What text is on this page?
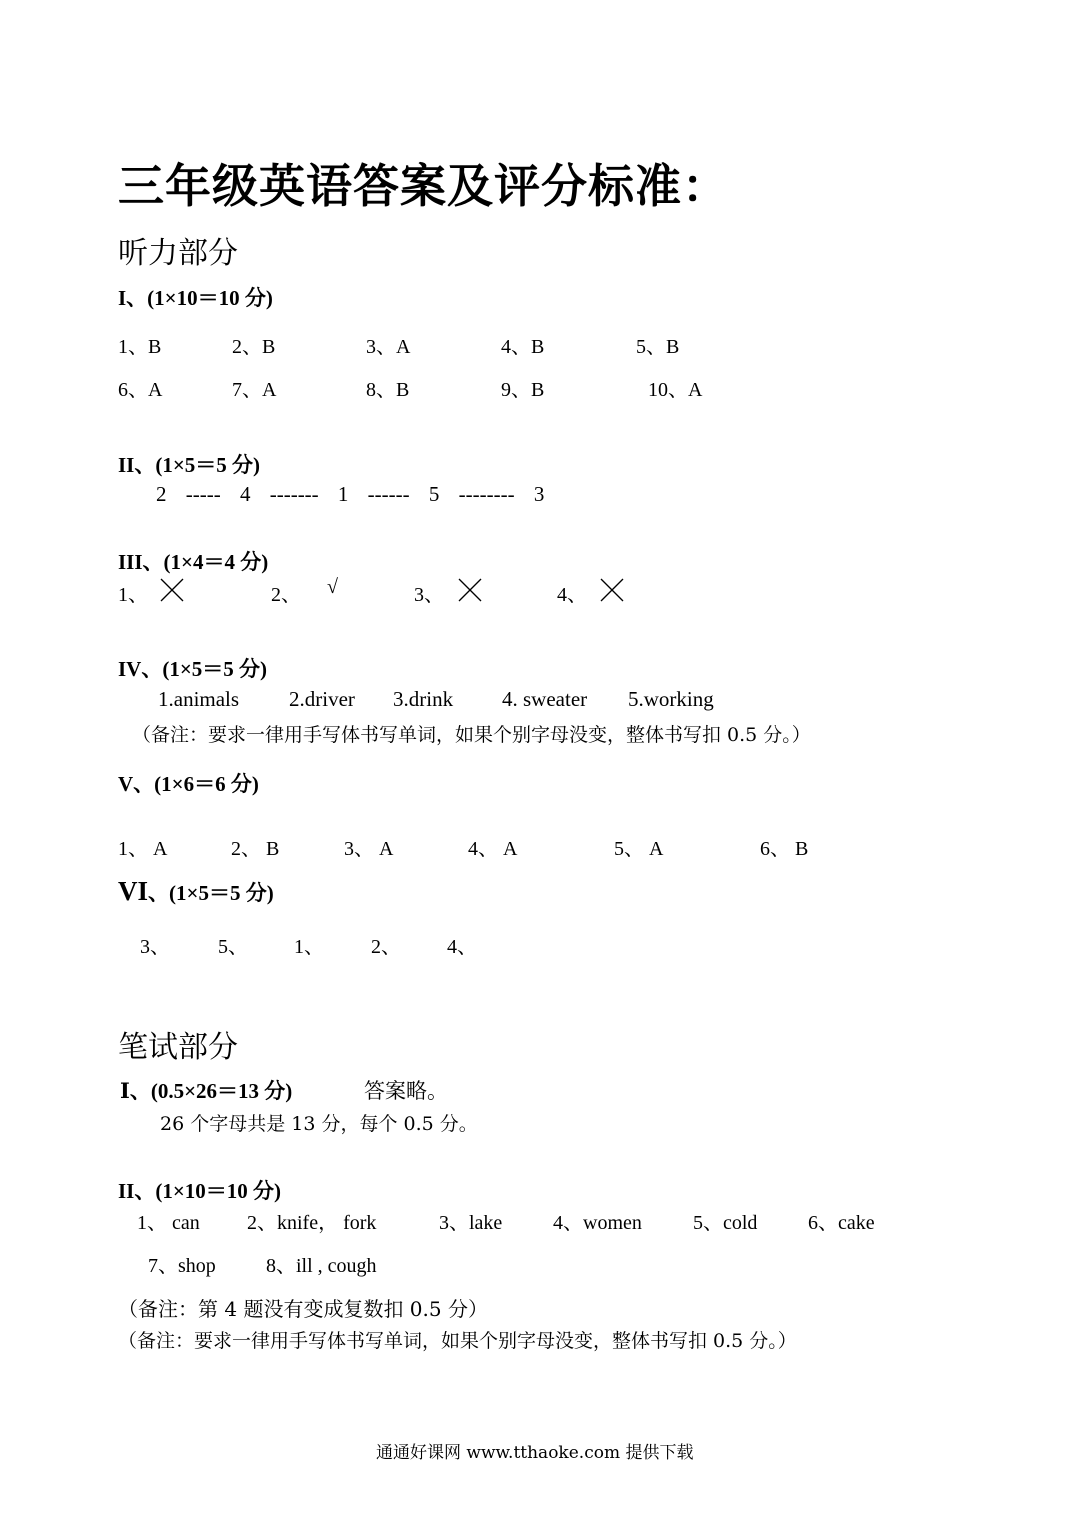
三年级英语答案及评分标准：
听力部分
I、(1×10＝10 分)
1、B	2、B	3、A	4、B	5、B
6、A	7、A	8、B	9、B	10、A
II、(1×5＝5 分)
2 ----- 4 ------- 1 ------ 5 -------- 3
III、(1×4＝4 分)
1、	2、 √	3、	4、
IV、(1×5＝5 分)
1.animals 2.driver 3.drink 4. sweater 5.working
（备注：要求一律用手写体书写单词，如果个别字母没变，整体书写扣 0.5 分。）
V、(1×6＝6 分)
1、 A	2、 B	3、 A	4、 A	5、 A	6、 B
VI、(1×5＝5 分)
3、 5、 1、 2、 4、
笔试部分
Ⅰ、(0.5×26＝13 分)	答案略。
26 个字母共是 13 分，每个 0.5 分。
II、(1×10＝10 分)
1、 can 2、knife， fork	3、lake	4、women	5、cold	6、cake
7、shop	8、ill , cough
（备注：第 4 题没有变成复数扣 0.5 分）
（备注：要求一律用手写体书写单词，如果个别字母没变，整体书写扣 0.5 分。）
通通好课网 www.tthaoke.com 提供下载
